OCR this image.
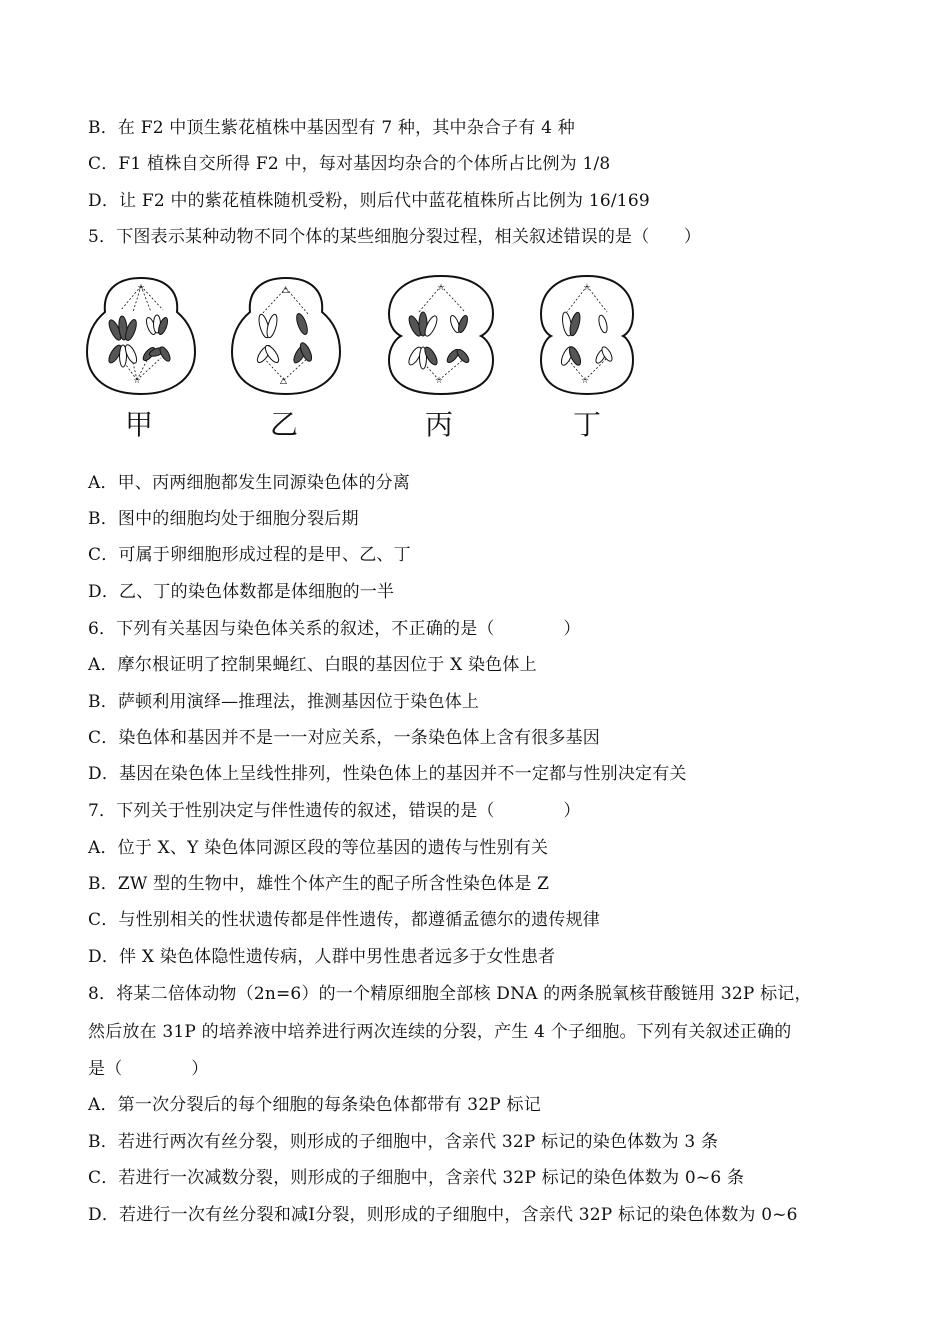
B．在 F2 中顶生紫花植株中基因型有 7 种，其中杂合子有 4 种
C．F1 植株自交所得 F2 中，每对基因均杂合的个体所占比例为 1/8
D．让 F2 中的紫花植株随机受粉，则后代中蓝花植株所占比例为 16/169
5．下图表示某种动物不同个体的某些细胞分裂过程，相关叙述错误的是（　　）
☆
☆
甲
△
△
乙
☆
☆
丙
☆
☆
丁
A．甲、丙两细胞都发生同源染色体的分离
B．图中的细胞均处于细胞分裂后期
C．可属于卵细胞形成过程的是甲、乙、丁
D．乙、丁的染色体数都是体细胞的一半
6．下列有关基因与染色体关系的叙述，不正确的是（　　　　）
A．摩尔根证明了控制果蝇红、白眼的基因位于 X 染色体上
B．萨顿利用演绎—推理法，推测基因位于染色体上
C．染色体和基因并不是一一对应关系，一条染色体上含有很多基因
D．基因在染色体上呈线性排列，性染色体上的基因并不一定都与性别决定有关
7．下列关于性别决定与伴性遗传的叙述，错误的是（　　　　）
A．位于 X、Y 染色体同源区段的等位基因的遗传与性别有关
B．ZW 型的生物中，雄性个体产生的配子所含性染色体是 Z
C．与性别相关的性状遗传都是伴性遗传，都遵循孟德尔的遗传规律
D．伴 X 染色体隐性遗传病，人群中男性患者远多于女性患者
8．将某二倍体动物（2n=6）的一个精原细胞全部核 DNA 的两条脱氧核苷酸链用 32P 标记，
然后放在 31P 的培养液中培养进行两次连续的分裂，产生 4 个子细胞。下列有关叙述正确的
是（　　　　）
A．第一次分裂后的每个细胞的每条染色体都带有 32P 标记
B．若进行两次有丝分裂，则形成的子细胞中，含亲代 32P 标记的染色体数为 3 条
C．若进行一次减数分裂，则形成的子细胞中，含亲代 32P 标记的染色体数为 0~6 条
D．若进行一次有丝分裂和减Ⅰ分裂，则形成的子细胞中，含亲代 32P 标记的染色体数为 0~6
